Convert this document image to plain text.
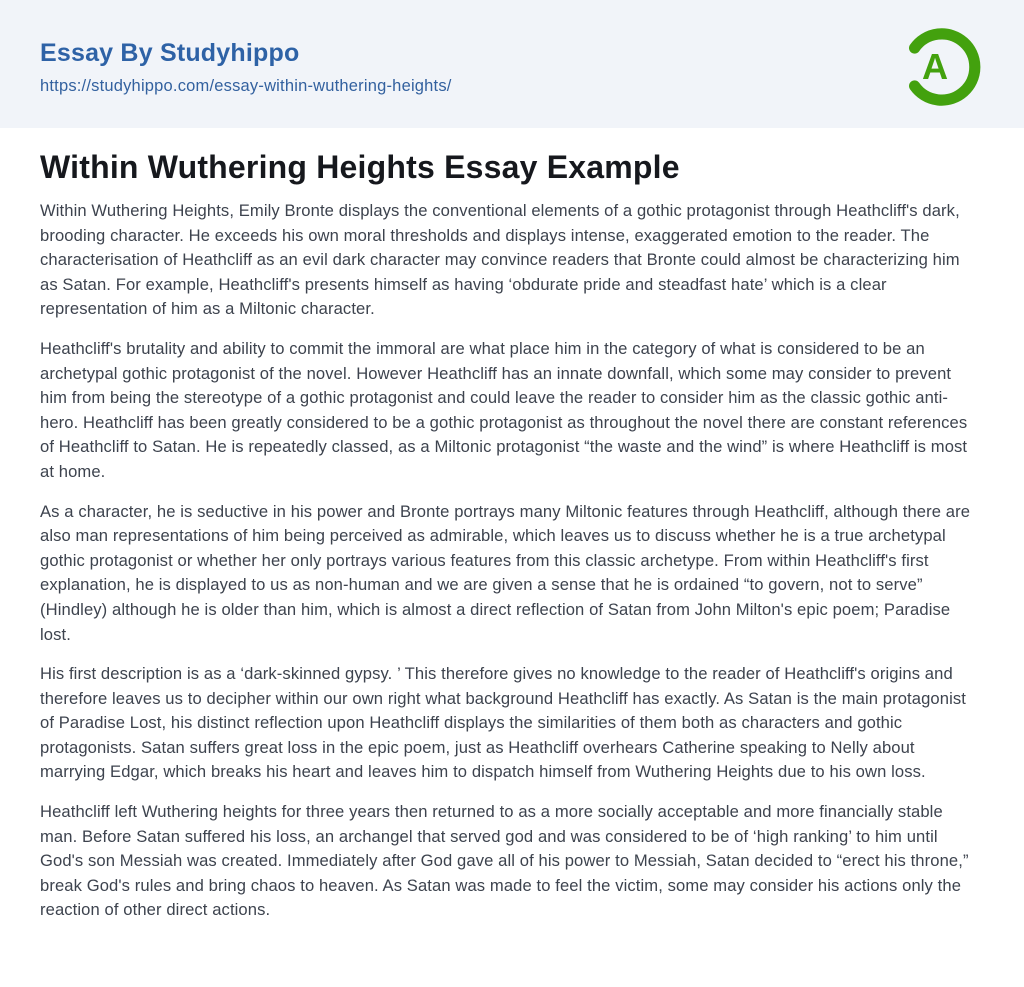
Essay By Studyhippo
https://studyhippo.com/essay-within-wuthering-heights/	A
Within Wuthering Heights Essay Example

Within Wuthering Heights, Emily Bronte displays the conventional elements of a gothic protagonist through Heathcliff's dark, brooding character. He exceeds his own moral thresholds and displays intense, exaggerated emotion to the reader. The characterisation of Heathcliff as an evil dark character may convince readers that Bronte could almost be characterizing him as Satan. For example, Heathcliff's presents himself as having ‘obdurate pride and steadfast hate’ which is a clear representation of him as a Miltonic character.

Heathcliff's brutality and ability to commit the immoral are what place him in the category of what is considered to be an archetypal gothic protagonist of the novel. However Heathcliff has an innate downfall, which some may consider to prevent him from being the stereotype of a gothic protagonist and could leave the reader to consider him as the classic gothic anti-hero. Heathcliff has been greatly considered to be a gothic protagonist as throughout the novel there are constant references of Heathcliff to Satan. He is repeatedly classed, as a Miltonic protagonist “the waste and the wind” is where Heathcliff is most at home.

As a character, he is seductive in his power and Bronte portrays many Miltonic features through Heathcliff, although there are also man representations of him being perceived as admirable, which leaves us to discuss whether he is a true archetypal gothic protagonist or whether her only portrays various features from this classic archetype. From within Heathcliff's first explanation, he is displayed to us as non-human and we are given a sense that he is ordained “to govern, not to serve” (Hindley) although he is older than him, which is almost a direct reflection of Satan from John Milton's epic poem; Paradise lost.

His first description is as a ‘dark-skinned gypsy. ’ This therefore gives no knowledge to the reader of Heathcliff's origins and therefore leaves us to decipher within our own right what background Heathcliff has exactly. As Satan is the main protagonist of Paradise Lost, his distinct reflection upon Heathcliff displays the similarities of them both as characters and gothic protagonists. Satan suffers great loss in the epic poem, just as Heathcliff overhears Catherine speaking to Nelly about marrying Edgar, which breaks his heart and leaves him to dispatch himself from Wuthering Heights due to his own loss.

Heathcliff left Wuthering heights for three years then returned to as a more socially acceptable and more financially stable man. Before Satan suffered his loss, an archangel that served god and was considered to be of ‘high ranking’ to him until God's son Messiah was created. Immediately after God gave all of his power to Messiah, Satan decided to “erect his throne,” break God's rules and bring chaos to heaven. As Satan was made to feel the victim, some may consider his actions only the reaction of other direct actions.
